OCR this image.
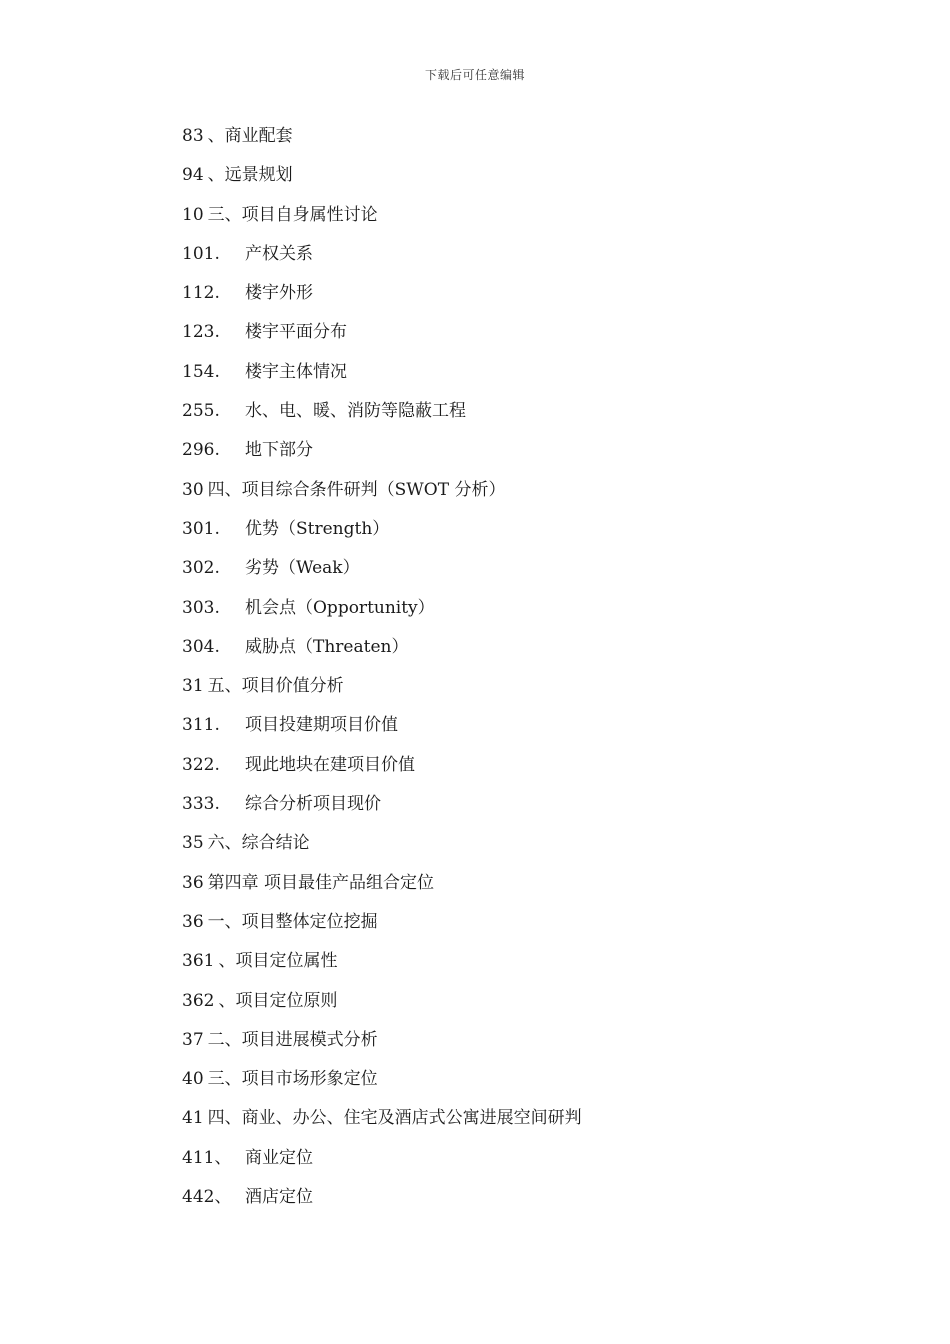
下载后可任意编辑
83 、商业配套
94 、远景规划
10 三、项目自身属性讨论
101. 产权关系
112. 楼宇外形
123. 楼宇平面分布
154. 楼宇主体情况
255. 水、电、暖、消防等隐蔽工程
296. 地下部分
30 四、项目综合条件研判（SWOT 分析）
301. 优势（Strength）
302. 劣势（Weak）
303. 机会点（Opportunity）
304. 威胁点（Threaten）
31 五、项目价值分析
311. 项目投建期项目价值
322. 现此地块在建项目价值
333. 综合分析项目现价
35 六、综合结论
36 第四章 项目最佳产品组合定位
36 一、项目整体定位挖掘
361 、项目定位属性
362 、项目定位原则
37 二、项目进展模式分析
40 三、项目市场形象定位
41 四、商业、办公、住宅及酒店式公寓进展空间研判
411、 商业定位
442、 酒店定位
